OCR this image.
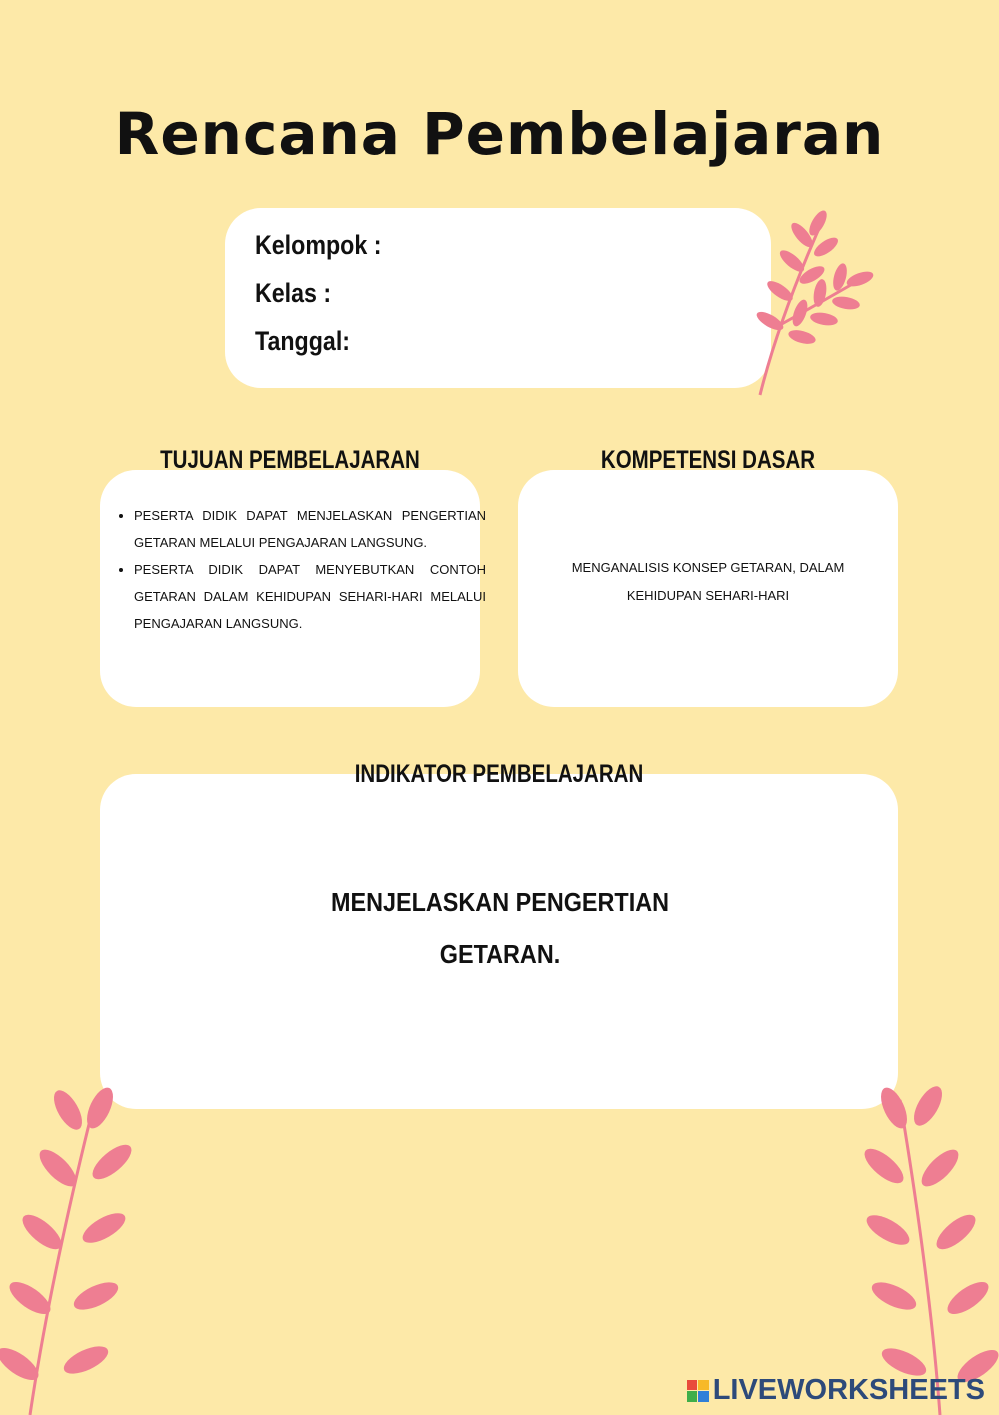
Rencana Pembelajaran
Kelompok :
Kelas :
Tanggal:
TUJUAN PEMBELAJARAN
• PESERTA DIDIK DAPAT MENJELASKAN PENGERTIAN GETARAN MELALUI PENGAJARAN LANGSUNG.
• PESERTA DIDIK DAPAT MENYEBUTKAN CONTOH GETARAN DALAM KEHIDUPAN SEHARI-HARI MELALUI PENGAJARAN LANGSUNG.
KOMPETENSI DASAR
MENGANALISIS KONSEP GETARAN, DALAM KEHIDUPAN SEHARI-HARI
INDIKATOR PEMBELAJARAN
MENJELASKAN PENGERTIAN GETARAN.
LIVEWORKSHEETS
